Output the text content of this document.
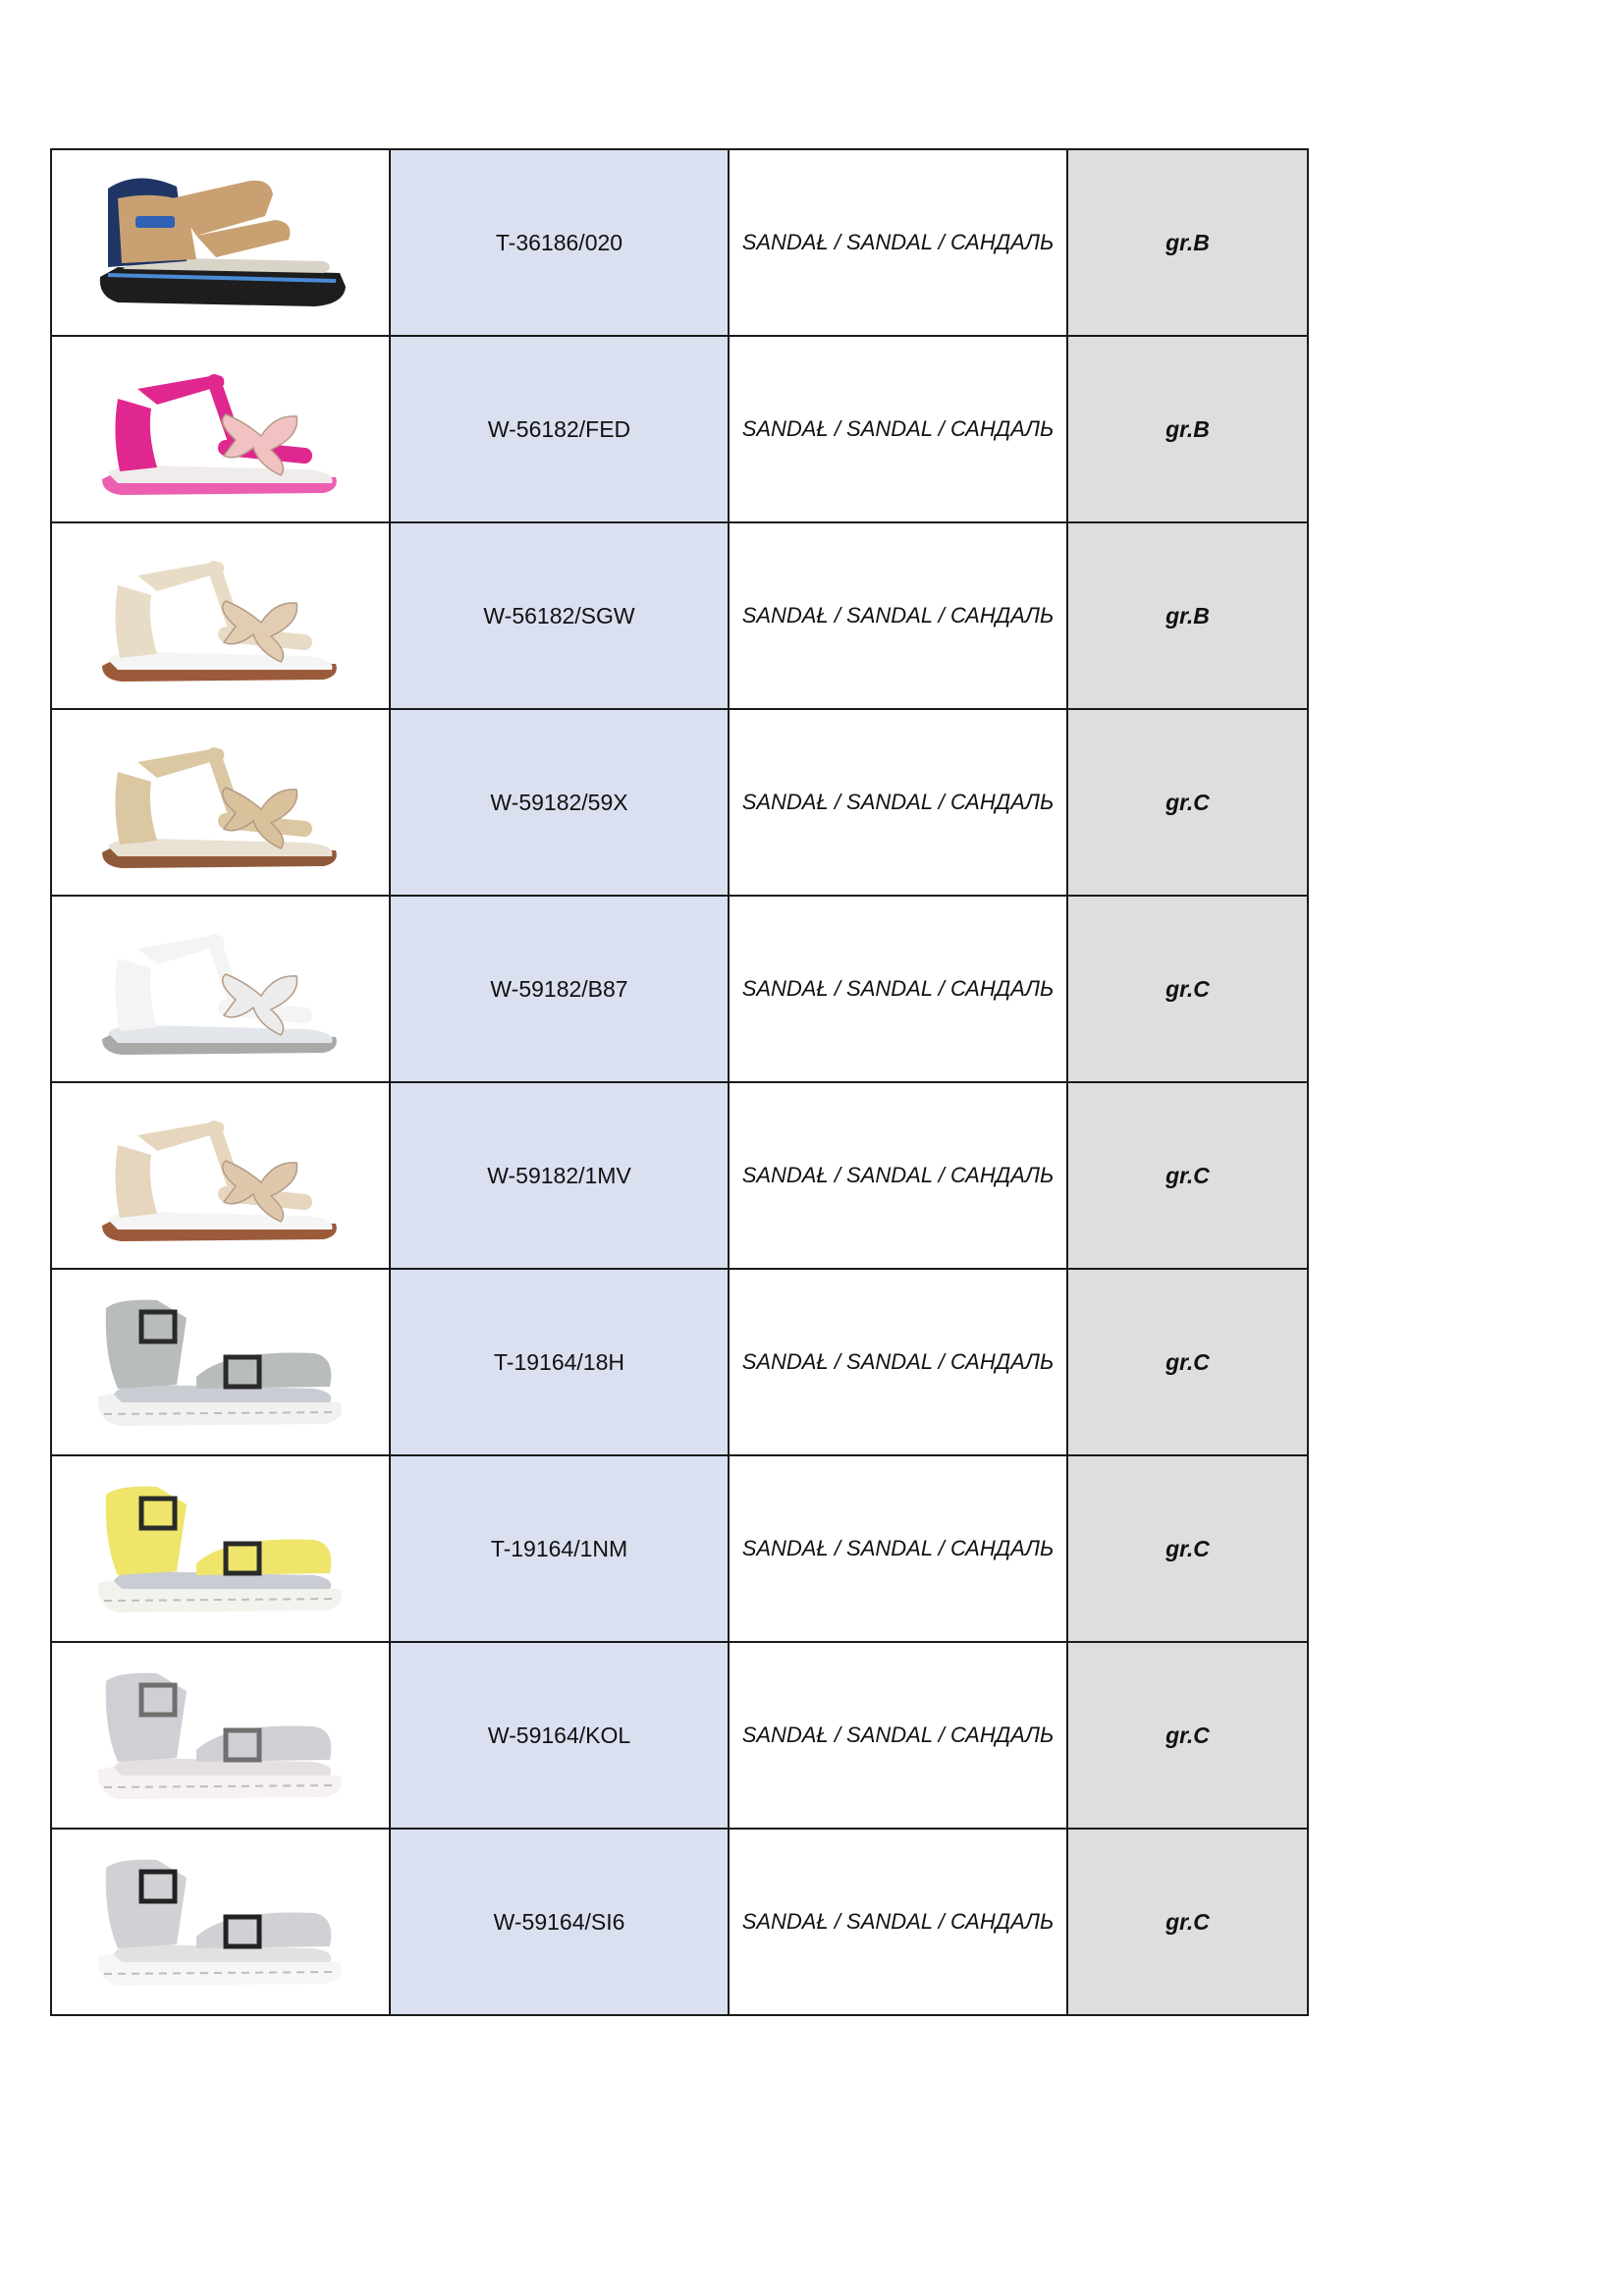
	T-36186/020	SANDAŁ / SANDAL / САНДАЛЬ	gr.B

	W-56182/FED	SANDAŁ / SANDAL / САНДАЛЬ	gr.B

	W-56182/SGW	SANDAŁ / SANDAL / САНДАЛЬ	gr.B

	W-59182/59X	SANDAŁ / SANDAL / САНДАЛЬ	gr.C

	W-59182/B87	SANDAŁ / SANDAL / САНДАЛЬ	gr.C

	W-59182/1MV	SANDAŁ / SANDAL / САНДАЛЬ	gr.C

	T-19164/18H	SANDAŁ / SANDAL / САНДАЛЬ	gr.C

	T-19164/1NM	SANDAŁ / SANDAL / САНДАЛЬ	gr.C

	W-59164/KOL	SANDAŁ / SANDAL / САНДАЛЬ	gr.C

	W-59164/SI6	SANDAŁ / SANDAL / САНДАЛЬ	gr.C
